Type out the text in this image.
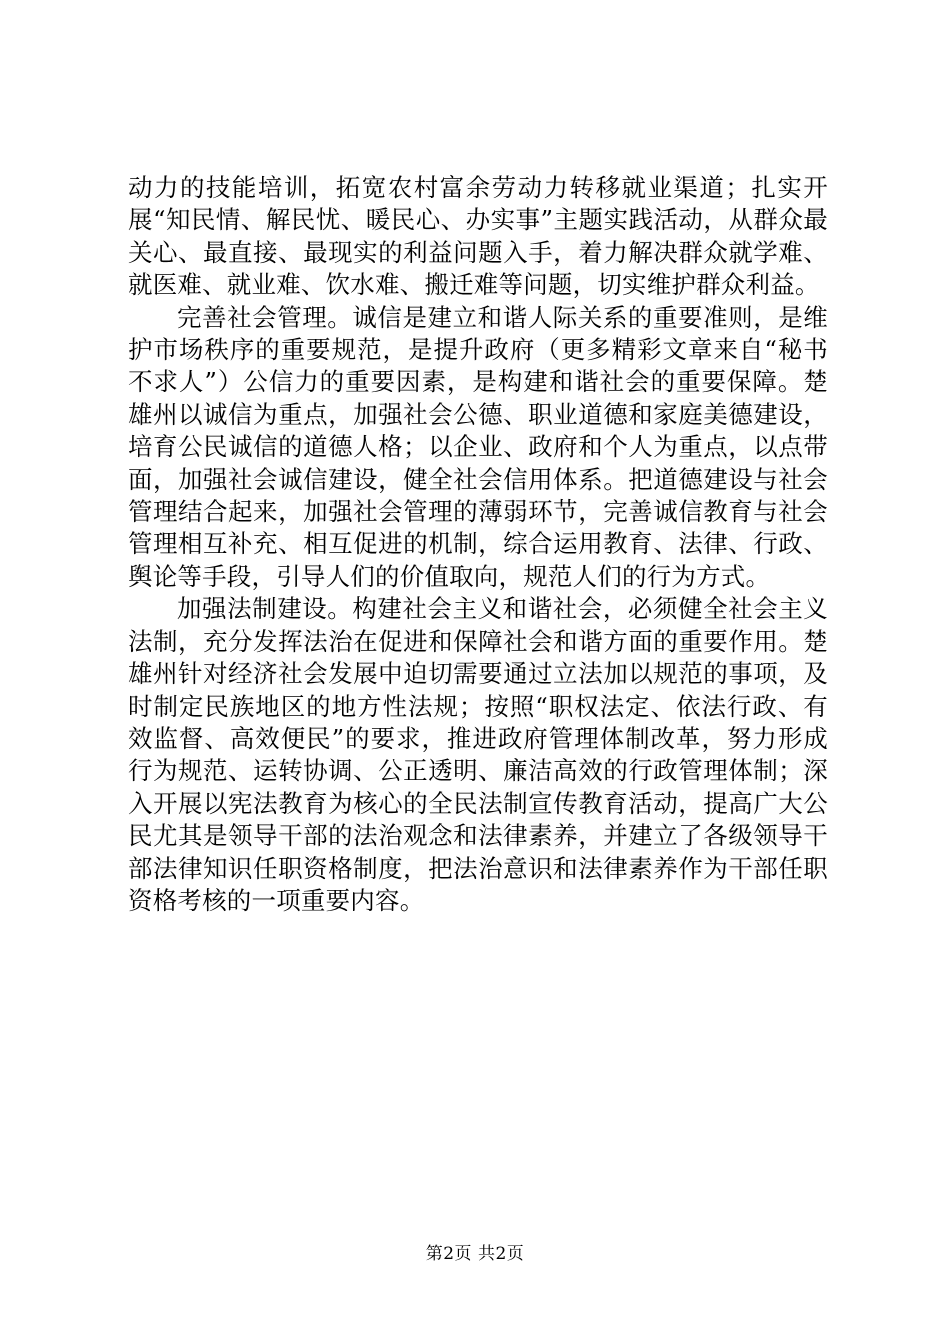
动力的技能培训，拓宽农村富余劳动力转移就业渠道；扎实开展“知民情、解民忧、暖民心、办实事”主题实践活动，从群众最关心、最直接、最现实的利益问题入手，着力解决群众就学难、就医难、就业难、饮水难、搬迁难等问题，切实维护群众利益。

完善社会管理。诚信是建立和谐人际关系的重要准则，是维护市场秩序的重要规范，是提升政府（更多精彩文章来自“秘书不求人”）公信力的重要因素，是构建和谐社会的重要保障。楚雄州以诚信为重点，加强社会公德、职业道德和家庭美德建设，培育公民诚信的道德人格；以企业、政府和个人为重点，以点带面，加强社会诚信建设，健全社会信用体系。把道德建设与社会管理结合起来，加强社会管理的薄弱环节，完善诚信教育与社会管理相互补充、相互促进的机制，综合运用教育、法律、行政、舆论等手段，引导人们的价值取向，规范人们的行为方式。

加强法制建设。构建社会主义和谐社会，必须健全社会主义法制，充分发挥法治在促进和保障社会和谐方面的重要作用。楚雄州针对经济社会发展中迫切需要通过立法加以规范的事项，及时制定民族地区的地方性法规；按照“职权法定、依法行政、有效监督、高效便民”的要求，推进政府管理体制改革，努力形成行为规范、运转协调、公正透明、廉洁高效的行政管理体制；深入开展以宪法教育为核心的全民法制宣传教育活动，提高广大公民尤其是领导干部的法治观念和法律素养，并建立了各级领导干部法律知识任职资格制度，把法治意识和法律素养作为干部任职资格考核的一项重要内容。

第2页 共2页
